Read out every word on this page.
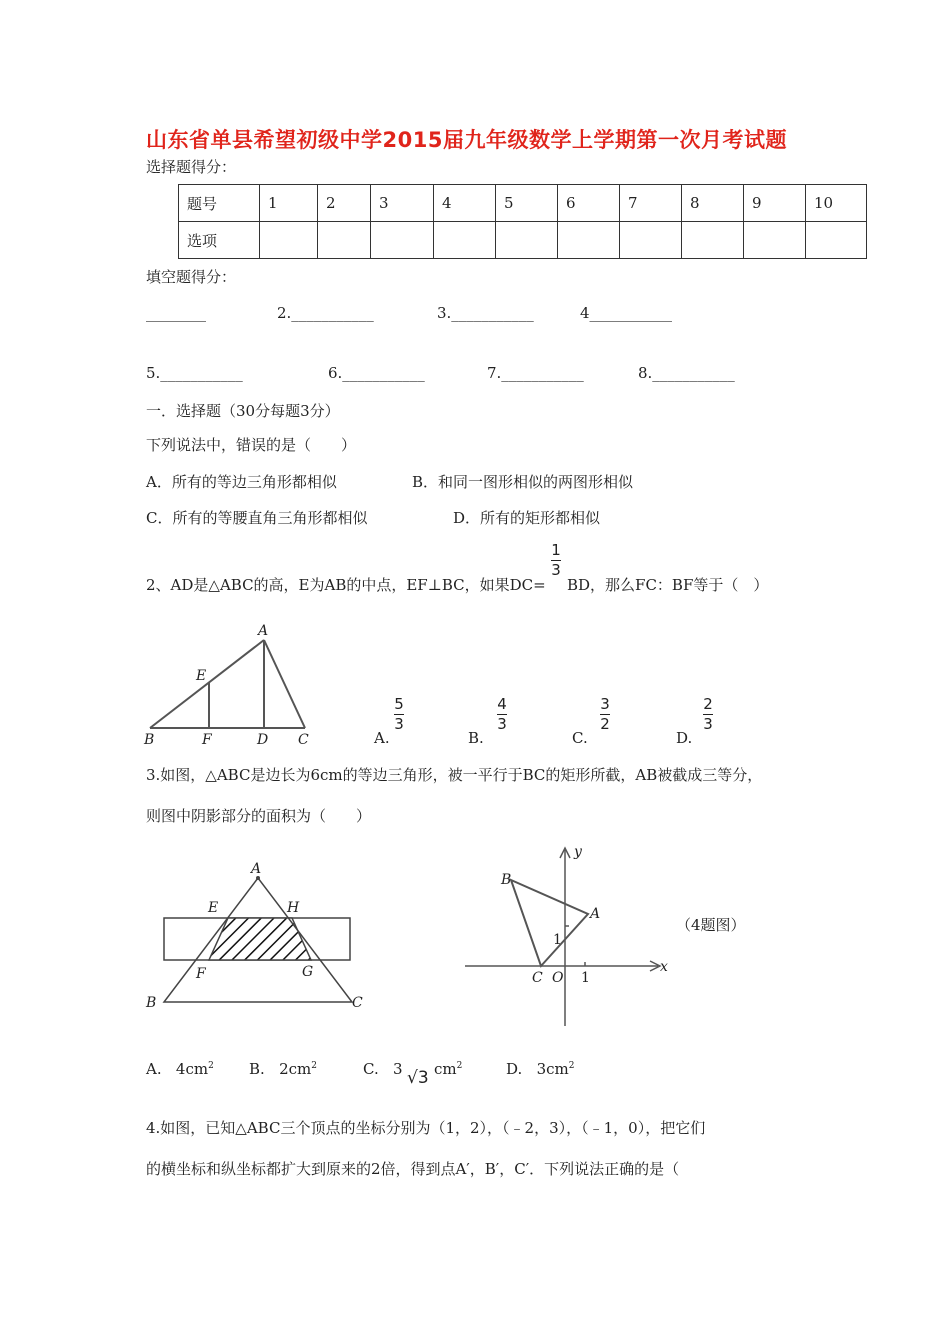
山东省单县希望初级中学2015届九年级数学上学期第一次月考试题
选择题得分：
题号	1	2	3	4	5	6	7	8	9	10
选项										
填空题得分：
________	2.___________	3.___________	4___________
5.___________	6.___________	7.___________	8.___________
一．选择题（30分每题3分）
下列说法中，错误的是（　　）
A．所有的等边三角形都相似	B．和同一图形相似的两图形相似
C．所有的等腰直角三角形都相似	D．所有的矩形都相似
2、AD是△ABC的高，E为AB的中点，EF⊥BC，如果DC=
1
3
BD，那么FC：BF等于（　）
A
E
B	F	D C	A.
5
3
B.
4
3
C.
3
2
D.
2
3
3.如图，△ABC是边长为6cm的等边三角形，被一平行于BC的矩形所截，AB被截成三等分，
则图中阴影部分的面积为（　　）
A
E	H
F	G
B	C
y
x
B
A
1
C O 1
（4题图）
A. $4cm^2$ B. $2cm^2$	C. 3 √3 $cm^2$	D. $3cm^2$
4.如图，已知△ABC三个顶点的坐标分别为（1，2），（﹣2，3），（﹣1，0），把它们
的横坐标和纵坐标都扩大到原来的2倍，得到点A′，B′，C′．下列说法正确的是（
